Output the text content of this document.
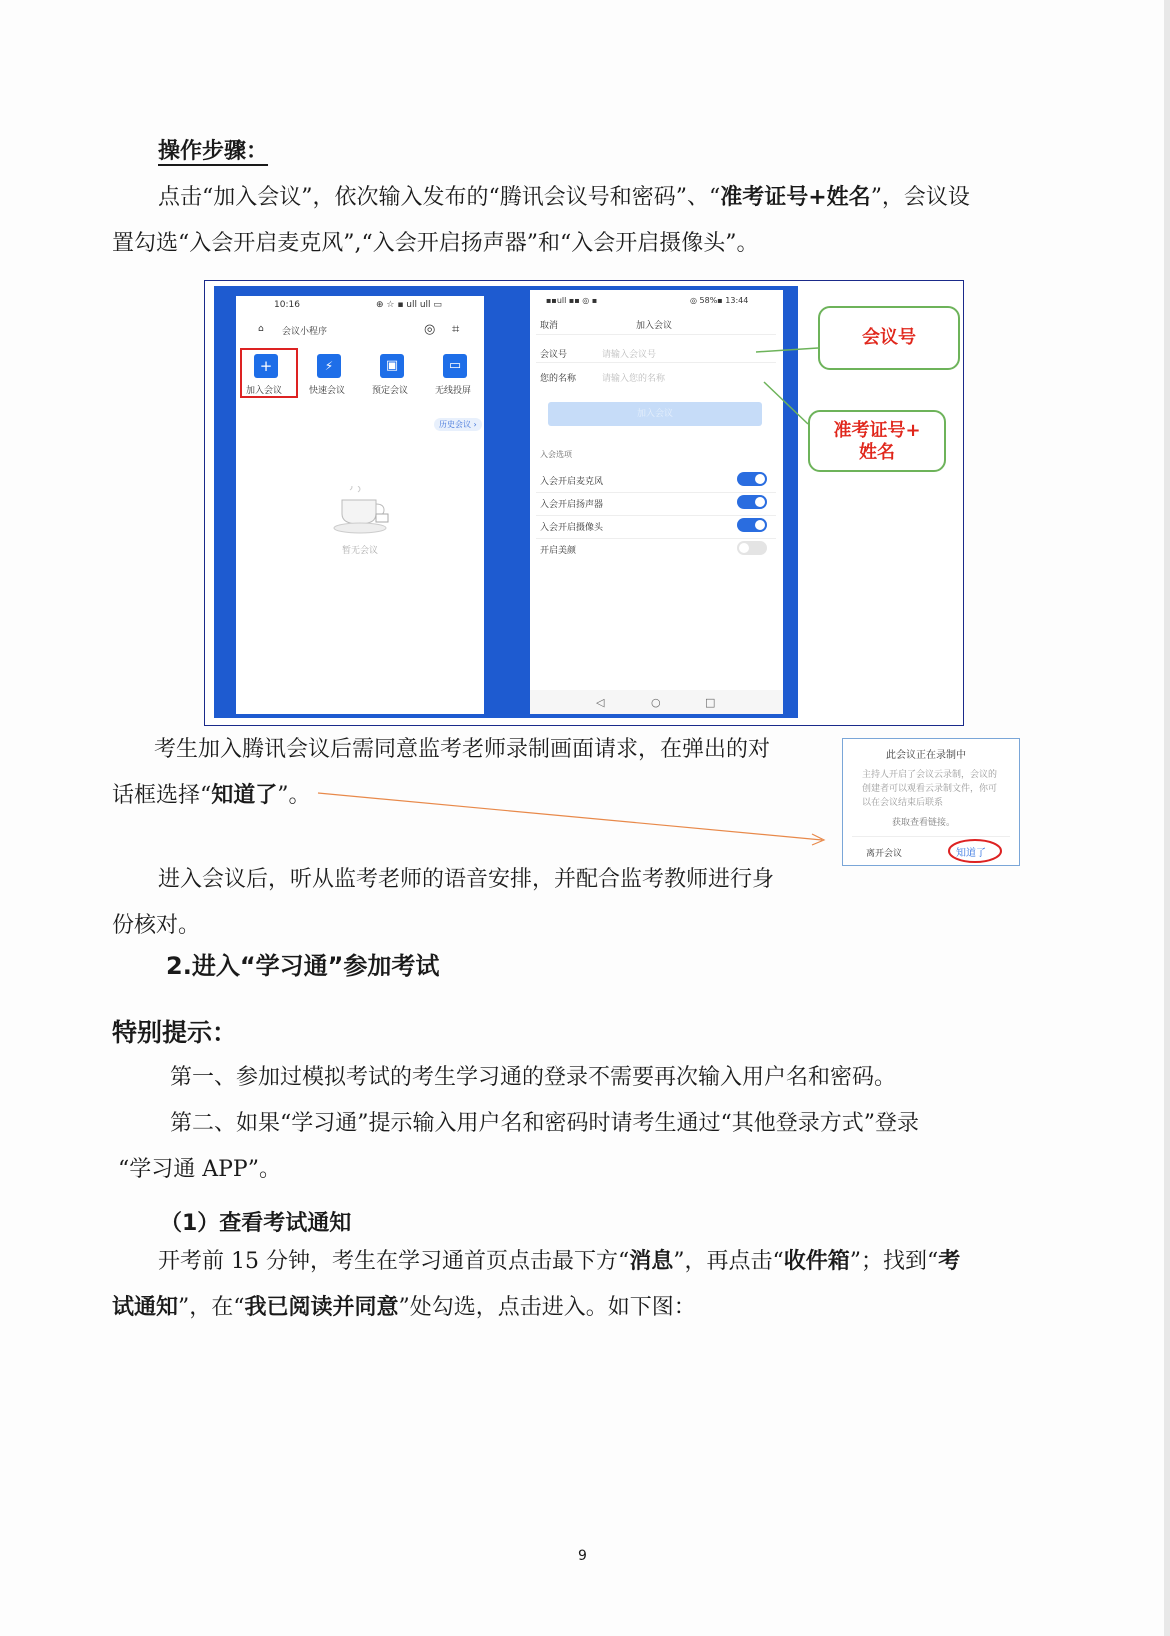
操作步骤：
点击“加入会议”，依次输入发布的“腾讯会议号和密码”、“准考证号+姓名”，会议设
置勾选“入会开启麦克风”,“入会开启扬声器”和“入会开启摄像头”。
10:16	⊕ ☆ ▪ ull ull ▭
⌂ 会议小程序	◎ ⌗
+
加入会议
⚡
快速会议
▣
预定会议
▭
无线投屏
历史会议 ›
暂无会议
▪▪ull ▪▪ ◎ ▪	◎ 58%▪ 13:44
取消	加入会议
会议号	请输入会议号
您的名称	请输入您的名称
加入会议
入会选项
入会开启麦克风
入会开启扬声器
入会开启摄像头
开启美颜
◁	○	□
会议号
准考证号+
姓名
考生加入腾讯会议后需同意监考老师录制画面请求，在弹出的对
话框选择“知道了”。
此会议正在录制中
主持人开启了会议云录制，会议的创建者可以观看云录制文件，你可以在会议结束后联系
获取查看链接。
离开会议	知道了
进入会议后，听从监考老师的语音安排，并配合监考教师进行身
份核对。
2.进入“学习通”参加考试
特别提示：
第一、参加过模拟考试的考生学习通的登录不需要再次输入用户名和密码。
第二、如果“学习通”提示输入用户名和密码时请考生通过“其他登录方式”登录
“学习通 APP”。
（1）查看考试通知
开考前 15 分钟，考生在学习通首页点击最下方“消息”，再点击“收件箱”；找到“考
试通知”，在“我已阅读并同意”处勾选，点击进入。如下图：
9
